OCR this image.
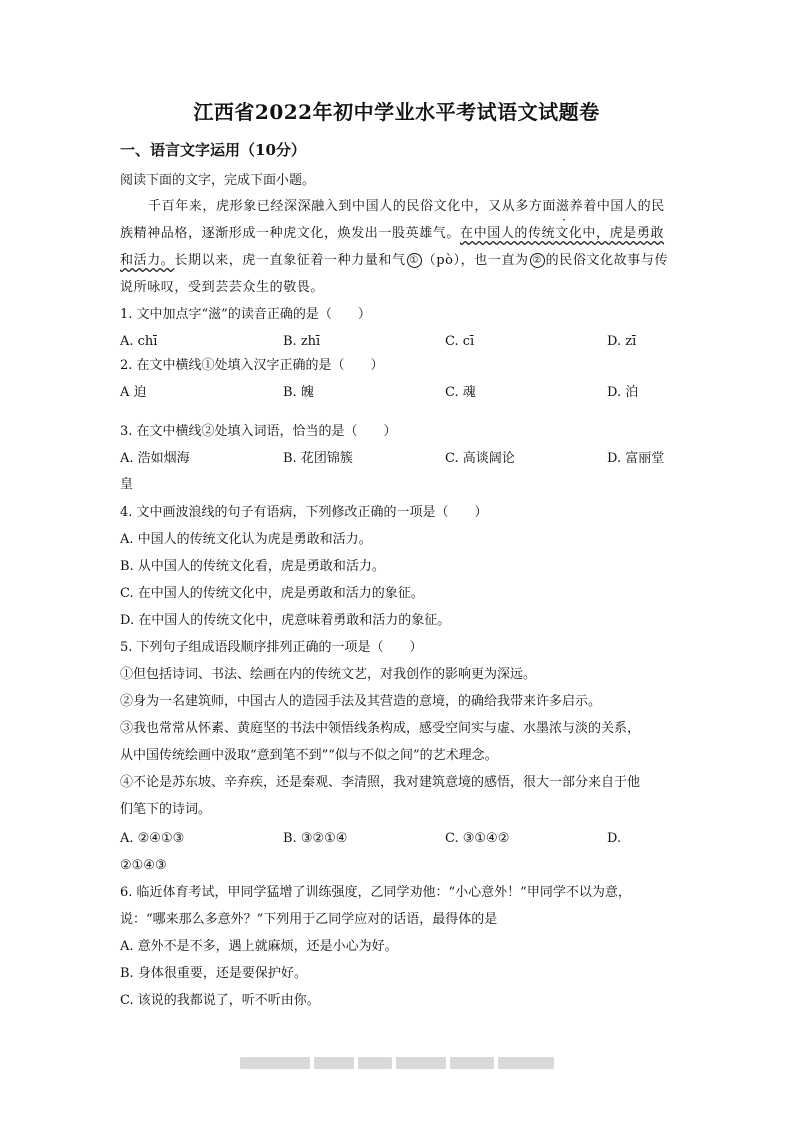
江西省2022年初中学业水平考试语文试题卷
一、语言文字运用（10分）
阅读下面的文字，完成下面小题。
千百年来，虎形象已经深深融入到中国人的民俗文化中，又从多方面滋养着中国人的民
族精神品格，逐渐形成一种虎文化，焕发出一股英雄气。在中国人的传统文化中，虎是勇敢
和活力。长期以来，虎一直象征着一种力量和气 ① （pò），也一直为 ② 的民俗文化故事与传
说所咏叹，受到芸芸众生的敬畏。
1. 文中加点字“滋”的读音正确的是（　　）
A. chī	B. zhī	C. cī	D. zī
2. 在文中横线①处填入汉字正确的是（　　）
A 迫	B. 魄	C. 魂	D. 泊
3. 在文中横线②处填入词语，恰当的是（　　）
A. 浩如烟海	B. 花团锦簇	C. 高谈阔论	D. 富丽堂
皇
4. 文中画波浪线的句子有语病，下列修改正确的一项是（　　）
A. 中国人的传统文化认为虎是勇敢和活力。
B. 从中国人的传统文化看，虎是勇敢和活力。
C. 在中国人的传统文化中，虎是勇敢和活力的象征。
D. 在中国人的传统文化中，虎意味着勇敢和活力的象征。
5. 下列句子组成语段顺序排列正确的一项是（　　）
①但包括诗词、书法、绘画在内的传统文艺，对我创作的影响更为深远。
②身为一名建筑师，中国古人的造园手法及其营造的意境，的确给我带来许多启示。
③我也常常从怀素、黄庭坚的书法中领悟线条构成，感受空间实与虚、水墨浓与淡的关系，
从中国传统绘画中汲取“意到笔不到”“似与不似之间”的艺术理念。
④不论是苏东坡、辛弃疾，还是秦观、李清照，我对建筑意境的感悟，很大一部分来自于他
们笔下的诗词。
A. ②④①③	B. ③②①④	C. ③①④②	D.
②①④③
6. 临近体育考试，甲同学猛增了训练强度，乙同学劝他：“小心意外！”甲同学不以为意，
说：“哪来那么多意外？”下列用于乙同学应对的话语，最得体的是
A. 意外不是不多，遇上就麻烦，还是小心为好。
B. 身体很重要，还是要保护好。
C. 该说的我都说了，听不听由你。
